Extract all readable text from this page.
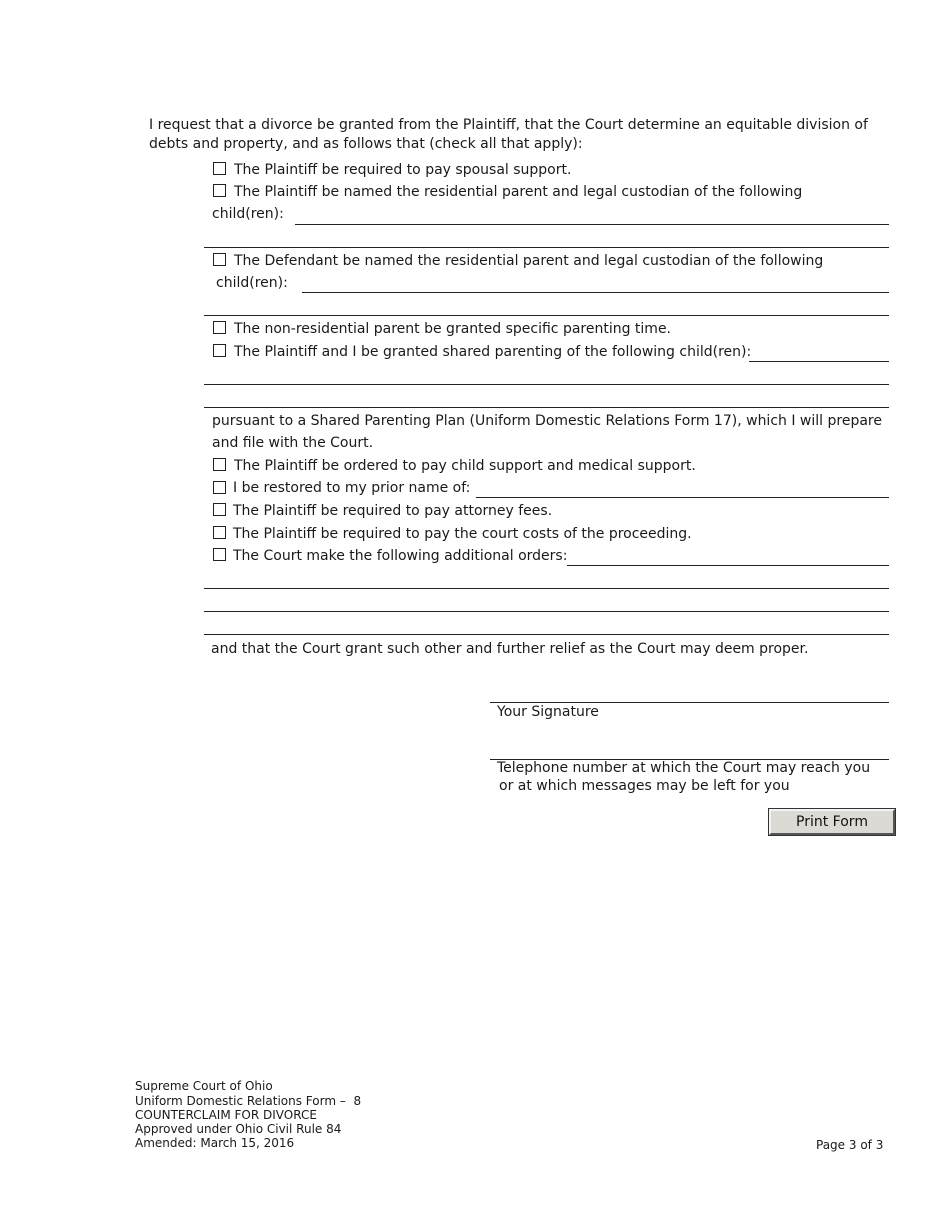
I request that a divorce be granted from the Plaintiff, that the Court determine an equitable division of
debts and property, and as follows that (check all that apply):
The Plaintiff be required to pay spousal support.
The Plaintiff be named the residential parent and legal custodian of the following
child(ren):
The Defendant be named the residential parent and legal custodian of the following
child(ren):
The non-residential parent be granted specific parenting time.
The Plaintiff and I be granted shared parenting of the following child(ren):
pursuant to a Shared Parenting Plan (Uniform Domestic Relations Form 17), which I will prepare
and file with the Court.
The Plaintiff be ordered to pay child support and medical support.
I be restored to my prior name of:
The Plaintiff be required to pay attorney fees.
The Plaintiff be required to pay the court costs of the proceeding.
The Court make the following additional orders:
and that the Court grant such other and further relief as the Court may deem proper.
Your Signature
Telephone number at which the Court may reach you
or at which messages may be left for you
Print Form
Supreme Court of Ohio
Uniform Domestic Relations Form –  8
COUNTERCLAIM FOR DIVORCE
Approved under Ohio Civil Rule 84
Amended: March 15, 2016	Page 3 of 3
